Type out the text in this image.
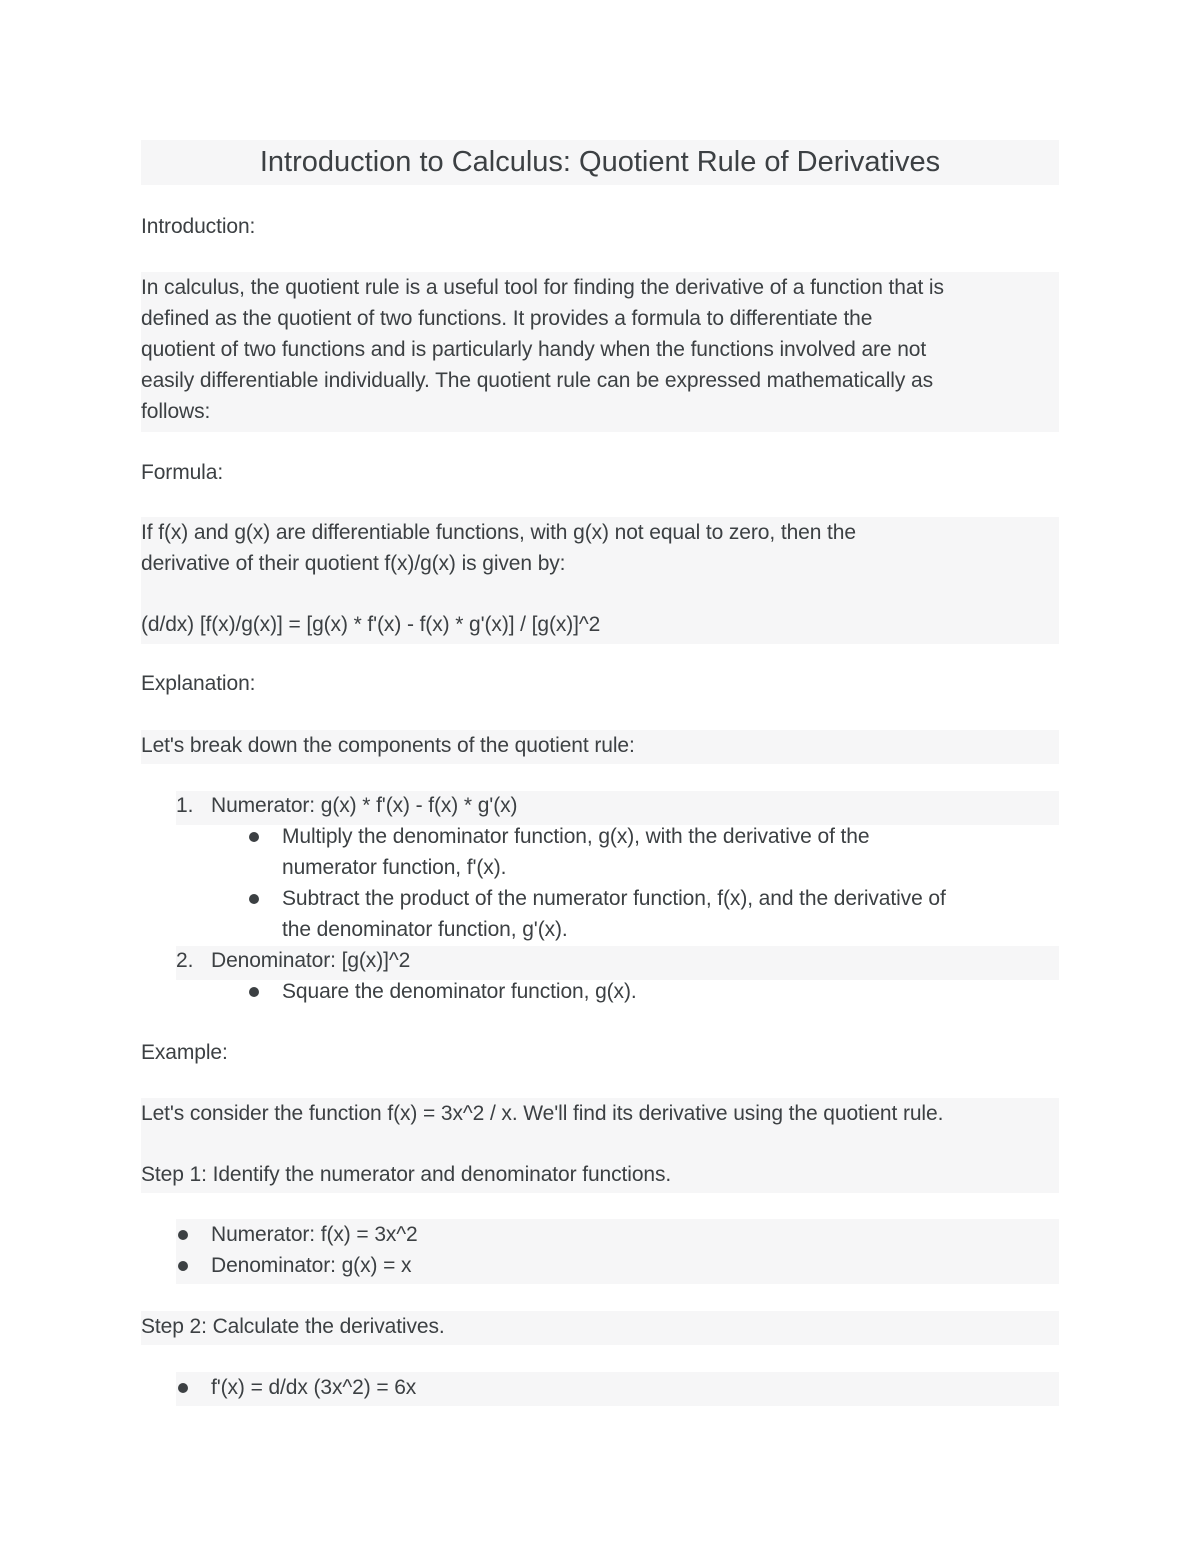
Introduction to Calculus: Quotient Rule of Derivatives
Introduction:
In calculus, the quotient rule is a useful tool for finding the derivative of a function that is
defined as the quotient of two functions. It provides a formula to differentiate the
quotient of two functions and is particularly handy when the functions involved are not
easily differentiable individually. The quotient rule can be expressed mathematically as
follows:
Formula:
If f(x) and g(x) are differentiable functions, with g(x) not equal to zero, then the
derivative of their quotient f(x)/g(x) is given by:
(d/dx) [f(x)/g(x)] = [g(x) * f'(x) - f(x) * g'(x)] / [g(x)]^2
Explanation:
Let's break down the components of the quotient rule:
1. Numerator: g(x) * f'(x) - f(x) * g'(x)
Multiply the denominator function, g(x), with the derivative of the
numerator function, f'(x).
Subtract the product of the numerator function, f(x), and the derivative of
the denominator function, g'(x).
2. Denominator: [g(x)]^2
Square the denominator function, g(x).
Example:
Let's consider the function f(x) = 3x^2 / x. We'll find its derivative using the quotient rule.
Step 1: Identify the numerator and denominator functions.
Numerator: f(x) = 3x^2
Denominator: g(x) = x
Step 2: Calculate the derivatives.
f'(x) = d/dx (3x^2) = 6x
